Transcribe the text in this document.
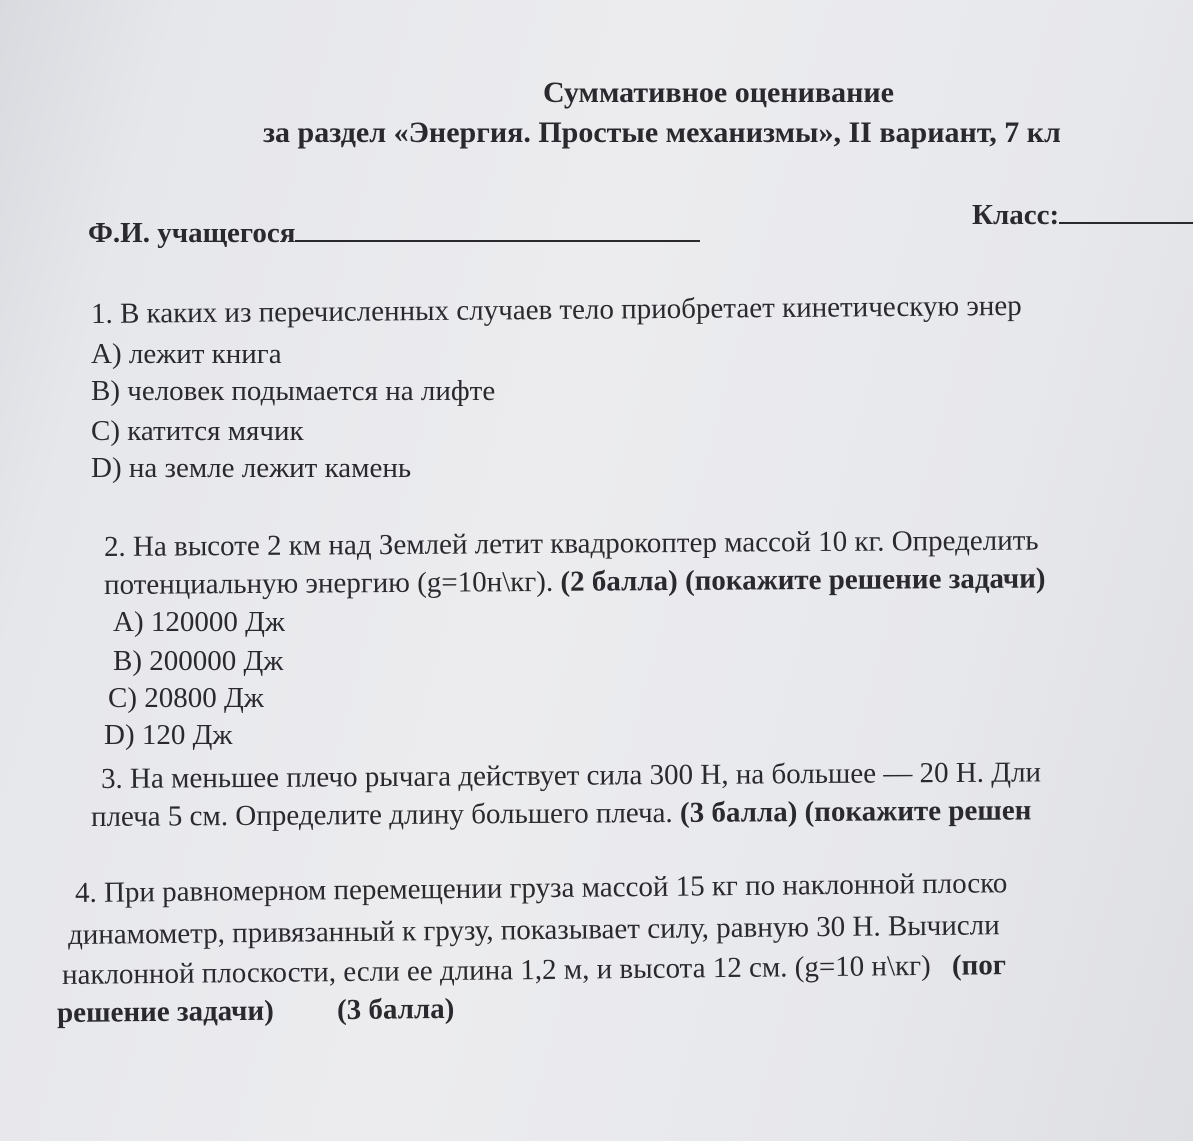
Суммативное оценивание
за раздел «Энергия. Простые механизмы», II вариант, 7 кл
Ф.И. учащегося
Класс:
1. В каких из перечисленных случаев тело приобретает кинетическую энер
A) лежит книга
B) человек подымается на лифте
C) катится мячик
D) на земле лежит камень
2. На высоте 2 км над Землей летит квадрокоптер массой 10 кг. Определить
потенциальную энергию (g=10н\кг). (2 балла) (покажите решение задачи)
A) 120000 Дж
B) 200000 Дж
C) 20800 Дж
D) 120 Дж
3. На меньшее плечо рычага действует сила 300 Н, на большее — 20 Н. Дли
плеча 5 см. Определите длину большего плеча. (3 балла) (покажите решен
4. При равномерном перемещении груза массой 15 кг по наклонной плоско
динамометр, привязанный к грузу, показывает силу, равную 30 Н. Вычисли
наклонной плоскости, если ее длина 1,2 м, и высота 12 см. (g=10 н\кг) (пог
решение задачи) (3 балла)
